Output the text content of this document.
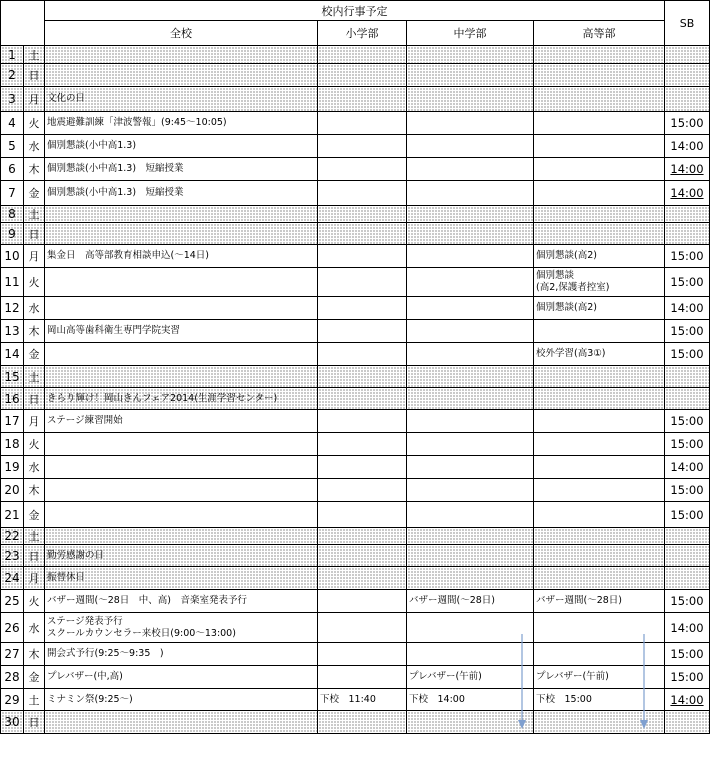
		校内行事予定				SB
		全校	小学部	中学部	高等部	
1	土					
2	日					
3	月	文化の日				
4	火	地震避難訓練「津波警報」(9:45～10:05)				15:00
5	水	個別懇談(小中高1.3)				14:00
6	木	個別懇談(小中高1.3)　短縮授業				14:00
7	金	個別懇談(小中高1.3)　短縮授業				14:00
8	土					
9	日					
10	月	集金日　高等部教育相談申込(～14日)			個別懇談(高2)	15:00
11	火				個別懇談
(高2,保護者控室)	15:00
12	水				個別懇談(高2)	14:00
13	木	岡山高等歯科衛生専門学院実習				15:00
14	金				校外学習(高3①)	15:00
15	土					
16	日	きらり輝け！岡山きんフェア2014(生涯学習センター)				
17	月	ステージ練習開始				15:00
18	火					15:00
19	水					14:00
20	木					15:00
21	金					15:00
22	土					
23	日	勤労感謝の日				
24	月	振替休日				
25	火	バザー週間(～28日　中、高)　音楽室発表予行		バザー週間(～28日)	バザー週間(～28日)	15:00
26	水	ステージ発表予行
スクールカウンセラー来校日(9:00～13:00)				14:00
27	木	開会式予行(9:25～9:35　)				15:00
28	金	プレバザー(中,高)		プレバザー(午前)	プレバザー(午前)	15:00
29	土	ミナミン祭(9:25～)	下校　11:40	下校　14:00	下校　15:00	14:00
30	日					
